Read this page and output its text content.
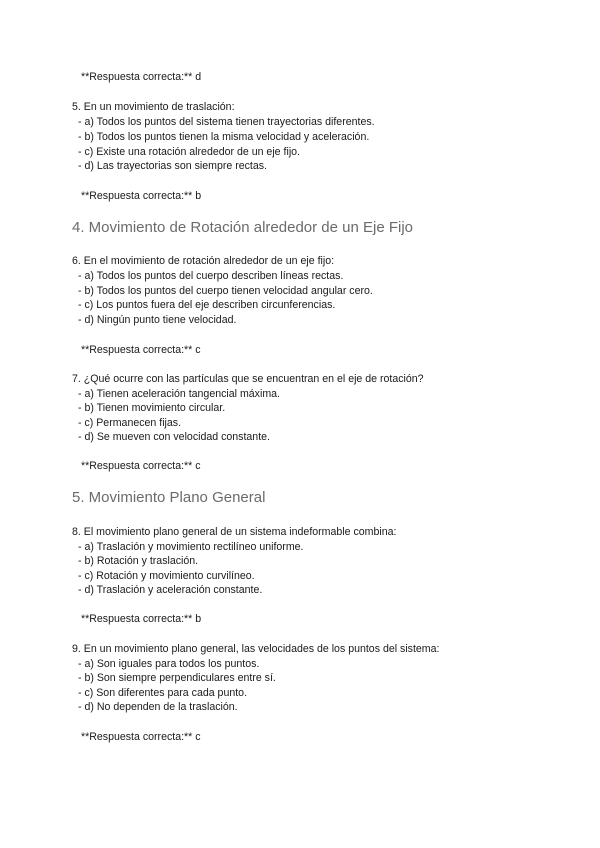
**Respuesta correcta:** d
5. En un movimiento de traslación:
- a) Todos los puntos del sistema tienen trayectorias diferentes.
- b) Todos los puntos tienen la misma velocidad y aceleración.
- c) Existe una rotación alrededor de un eje fijo.
- d) Las trayectorias son siempre rectas.
**Respuesta correcta:** b
4. Movimiento de Rotación alrededor de un Eje Fijo
6. En el movimiento de rotación alrededor de un eje fijo:
- a) Todos los puntos del cuerpo describen líneas rectas.
- b) Todos los puntos del cuerpo tienen velocidad angular cero.
- c) Los puntos fuera del eje describen circunferencias.
- d) Ningún punto tiene velocidad.
**Respuesta correcta:** c
7. ¿Qué ocurre con las partículas que se encuentran en el eje de rotación?
- a) Tienen aceleración tangencial máxima.
- b) Tienen movimiento circular.
- c) Permanecen fijas.
- d) Se mueven con velocidad constante.
**Respuesta correcta:** c
5. Movimiento Plano General
8. El movimiento plano general de un sistema indeformable combina:
- a) Traslación y movimiento rectilíneo uniforme.
- b) Rotación y traslación.
- c) Rotación y movimiento curvilíneo.
- d) Traslación y aceleración constante.
**Respuesta correcta:** b
9. En un movimiento plano general, las velocidades de los puntos del sistema:
- a) Son iguales para todos los puntos.
- b) Son siempre perpendiculares entre sí.
- c) Son diferentes para cada punto.
- d) No dependen de la traslación.
**Respuesta correcta:** c
